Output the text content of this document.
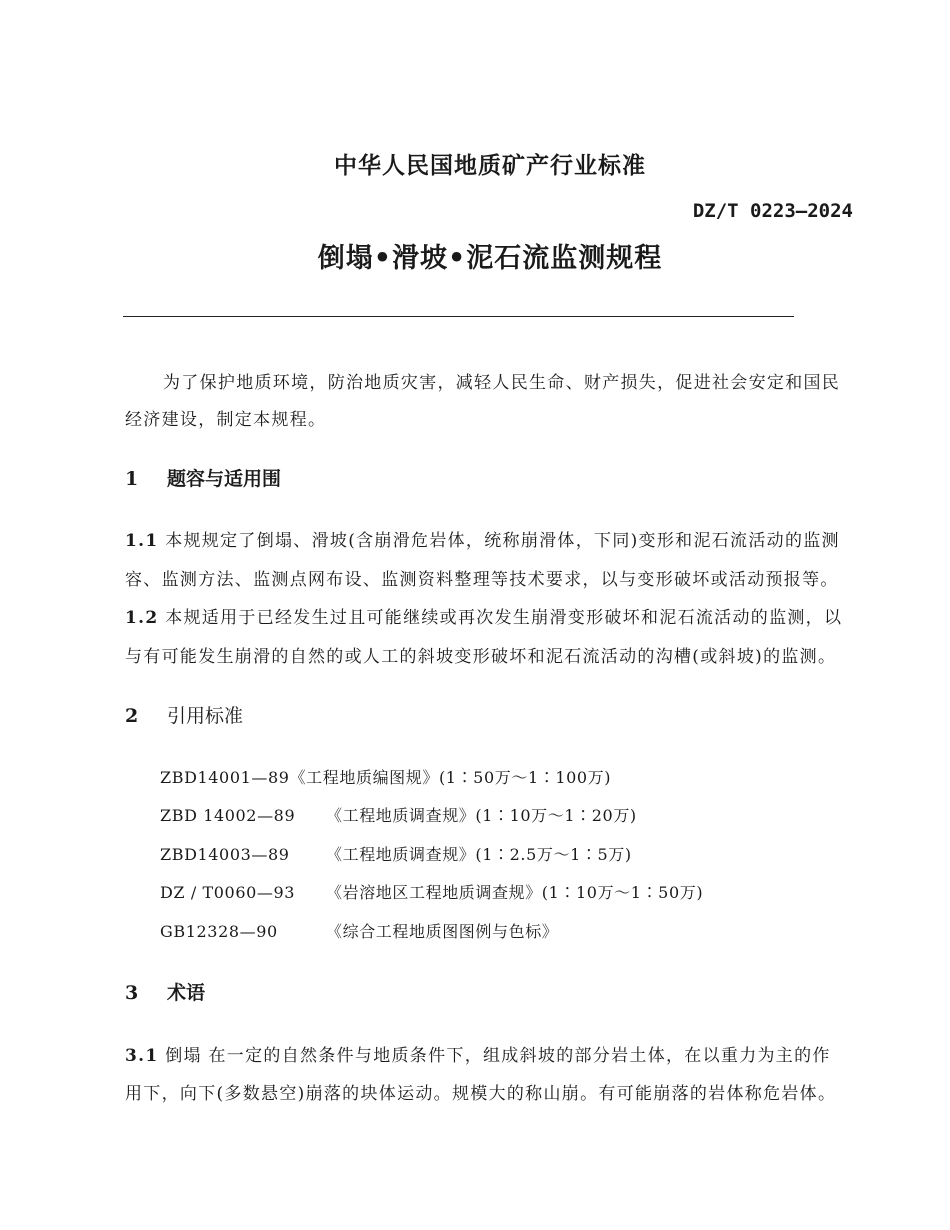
中华人民国地质矿产行业标准
DZ/T 0223—2024
倒塌•滑坡•泥石流监测规程
为了保护地质环境，防治地质灾害，减轻人民生命、财产损失，促进社会安定和国民
经济建设，制定本规程。
1 题容与适用围
1.1 本规规定了倒塌、滑坡(含崩滑危岩体，统称崩滑体，下同)变形和泥石流活动的监测
容、监测方法、监测点网布设、监测资料整理等技术要求，以与变形破坏或活动预报等。
1.2 本规适用于已经发生过且可能继续或再次发生崩滑变形破坏和泥石流活动的监测，以
与有可能发生崩滑的自然的或人工的斜坡变形破坏和泥石流活动的沟槽(或斜坡)的监测。
2 引用标准
ZBD14001—89《工程地质编图规》(1∶50万～1∶100万)
ZBD 14002—89 《工程地质调查规》(1∶10万～1∶20万)
ZBD14003—89 《工程地质调查规》(1∶2.5万～1∶5万)
DZ / T0060—93 《岩溶地区工程地质调查规》(1∶10万～1∶50万)
GB12328—90	《综合工程地质图图例与色标》
3 术语
3.1 倒塌 在一定的自然条件与地质条件下，组成斜坡的部分岩土体，在以重力为主的作
用下，向下(多数悬空)崩落的块体运动。规模大的称山崩。有可能崩落的岩体称危岩体。
